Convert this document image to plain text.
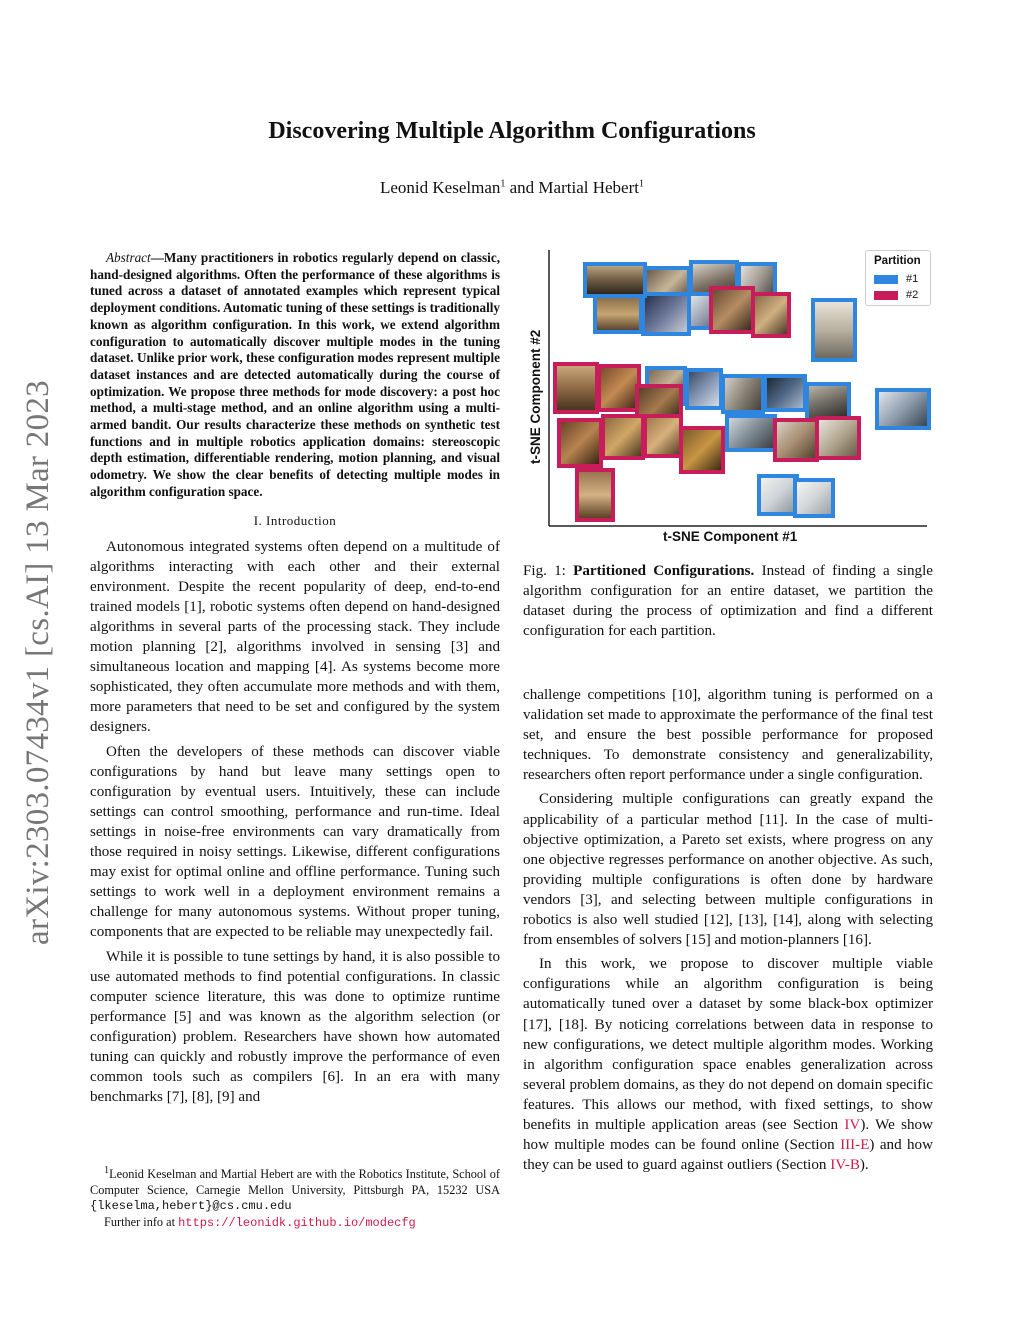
Discovering Multiple Algorithm Configurations
Leonid Keselman$^1$ and Martial Hebert$^1$
arXiv:2303.07434v1 [cs.AI] 13 Mar 2023

Abstract—Many practitioners in robotics regularly depend on classic, hand-designed algorithms. Often the performance of these algorithms is tuned across a dataset of annotated examples which represent typical deployment conditions. Automatic tuning of these settings is traditionally known as algorithm configuration. In this work, we extend algorithm configuration to automatically discover multiple modes in the tuning dataset. Unlike prior work, these configuration modes represent multiple dataset instances and are detected automatically during the course of optimization. We propose three methods for mode discovery: a post hoc method, a multi-stage method, and an online algorithm using a multi-armed bandit. Our results characterize these methods on synthetic test functions and in multiple robotics application domains: stereoscopic depth estimation, differentiable rendering, motion planning, and visual odometry. We show the clear benefits of detecting multiple modes in algorithm configuration space.

I. Introduction

Autonomous integrated systems often depend on a multitude of algorithms interacting with each other and their external environment. Despite the recent popularity of deep, end-to-end trained models [1], robotic systems often depend on hand-designed algorithms in several parts of the processing stack. They include motion planning [2], algorithms involved in sensing [3] and simultaneous location and mapping [4]. As systems become more sophisticated, they often accumulate more methods and with them, more parameters that need to be set and configured by the system designers.

Often the developers of these methods can discover viable configurations by hand but leave many settings open to configuration by eventual users. Intuitively, these can include settings can control smoothing, performance and run-time. Ideal settings in noise-free environments can vary dramatically from those required in noisy settings. Likewise, different configurations may exist for optimal online and offline performance. Tuning such settings to work well in a deployment environment remains a challenge for many autonomous systems. Without proper tuning, components that are expected to be reliable may unexpectedly fail.

While it is possible to tune settings by hand, it is also possible to use automated methods to find potential configurations. In classic computer science literature, this was done to optimize runtime performance [5] and was known as the algorithm selection (or configuration) problem. Researchers have shown how automated tuning can quickly and robustly improve the performance of even common tools such as compilers [6]. In an era with many benchmarks [7], [8], [9] and

$^1$Leonid Keselman and Martial Hebert are with the Robotics Institute, School of Computer Science, Carnegie Mellon University, Pittsburgh PA, 15232 USA {lkeselma,hebert}@cs.cmu.edu
Further info at https://leonidk.github.io/modecfg
Partition
#1
#2
t-SNE Component #1
t-SNE Component #2
Fig. 1: Partitioned Configurations. Instead of finding a single algorithm configuration for an entire dataset, we partition the dataset during the process of optimization and find a different configuration for each partition.

challenge competitions [10], algorithm tuning is performed on a validation set made to approximate the performance of the final test set, and ensure the best possible performance for proposed techniques. To demonstrate consistency and generalizability, researchers often report performance under a single configuration.

Considering multiple configurations can greatly expand the applicability of a particular method [11]. In the case of multi-objective optimization, a Pareto set exists, where progress on any one objective regresses performance on another objective. As such, providing multiple configurations is often done by hardware vendors [3], and selecting between multiple configurations in robotics is also well studied [12], [13], [14], along with selecting from ensembles of solvers [15] and motion-planners [16].

In this work, we propose to discover multiple viable configurations while an algorithm configuration is being automatically tuned over a dataset by some black-box optimizer [17], [18]. By noticing correlations between data in response to new configurations, we detect multiple algorithm modes. Working in algorithm configuration space enables generalization across several problem domains, as they do not depend on domain specific features. This allows our method, with fixed settings, to show benefits in multiple application areas (see Section IV). We show how multiple modes can be found online (Section III-E) and how they can be used to guard against outliers (Section IV-B).
